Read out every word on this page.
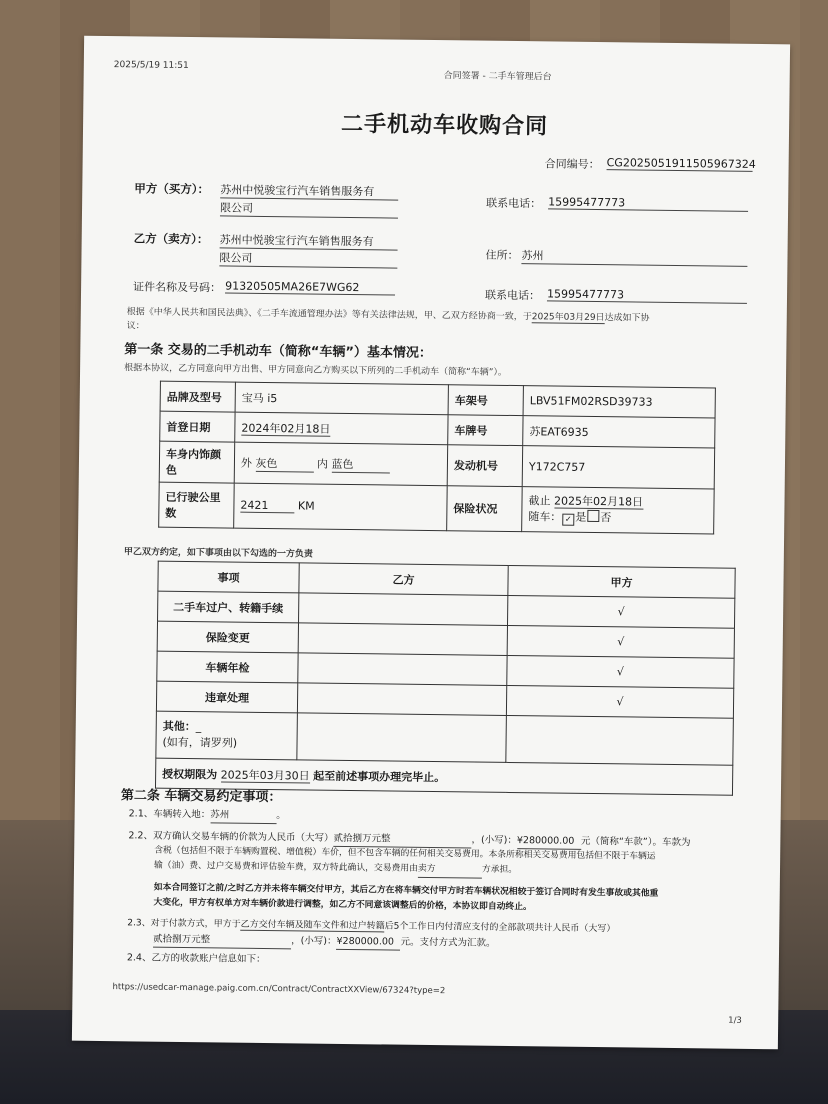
2025/5/19 11:51
合同签署 - 二手车管理后台
二手机动车收购合同
合同编号： CG2025051911505967324
甲方（买方）： 苏州中悦骏宝行汽车销售服务有
限公司	联系电话： 15995477773
乙方（卖方）： 苏州中悦骏宝行汽车销售服务有
限公司	住所： 苏州
证件名称及号码： 91320505MA26E7WG62
联系电话： 15995477773
根据《中华人民共和国民法典》、《二手车流通管理办法》等有关法律法规，甲、乙双方经协商一致，于2025年03月29日达成如下协
议：
第一条 交易的二手机动车（简称“车辆”）基本情况：
根据本协议，乙方同意向甲方出售、甲方同意向乙方购买以下所列的二手机动车（简称“车辆”）。
品牌及型号	宝马 i5	车架号	LBV51FM02RSD39733
首登日期	2024年02月18日	车牌号	苏EAT6935
车身内饰颜色	外 灰色 内 蓝色	发动机号	Y172C757
已行驶公里数	2421 KM	保险状况	截止 2025年02月18日
随车： ✓ 是 否
甲乙双方约定，如下事项由以下勾选的一方负责
事项	乙方	甲方
二手车过户、转籍手续		√
保险变更		√
车辆年检		√
违章处理		√

其他：_
(如有，请罗列)		

授权期限为 2025年03月30日 起至前述事项办理完毕止。		
第二条 车辆交易约定事项：
2.1、车辆转入地：苏州	。
2.2、双方确认交易车辆的价款为人民币（大写）贰拾捌万元整	，(小写)：¥280000.00 元（简称“车款”）。车款为
含税（包括但不限于车辆购置税、增值税）车价，但不包含车辆的任何相关交易费用。本条所称相关交易费用包括但不限于车辆运
输（油）费、过户交易费和评估验车费，双方特此确认，交易费用由卖方	方承担。
如本合同签订之前/之时乙方并未将车辆交付甲方，其后乙方在将车辆交付甲方时若车辆状况相较于签订合同时有发生事故或其他重
大变化，甲方有权单方对车辆价款进行调整，如乙方不同意该调整后的价格，本协议即自动终止。
2.3、对于付款方式，甲方于乙方交付车辆及随车文件和过户转籍后5个工作日内付清应支付的全部款项共计人民币（大写）
贰拾捌万元整	，(小写)：¥280000.00 元。支付方式为汇款。
2.4、乙方的收款账户信息如下：
https://usedcar-manage.paig.com.cn/Contract/ContractXXView/67324?type=2
1/3
